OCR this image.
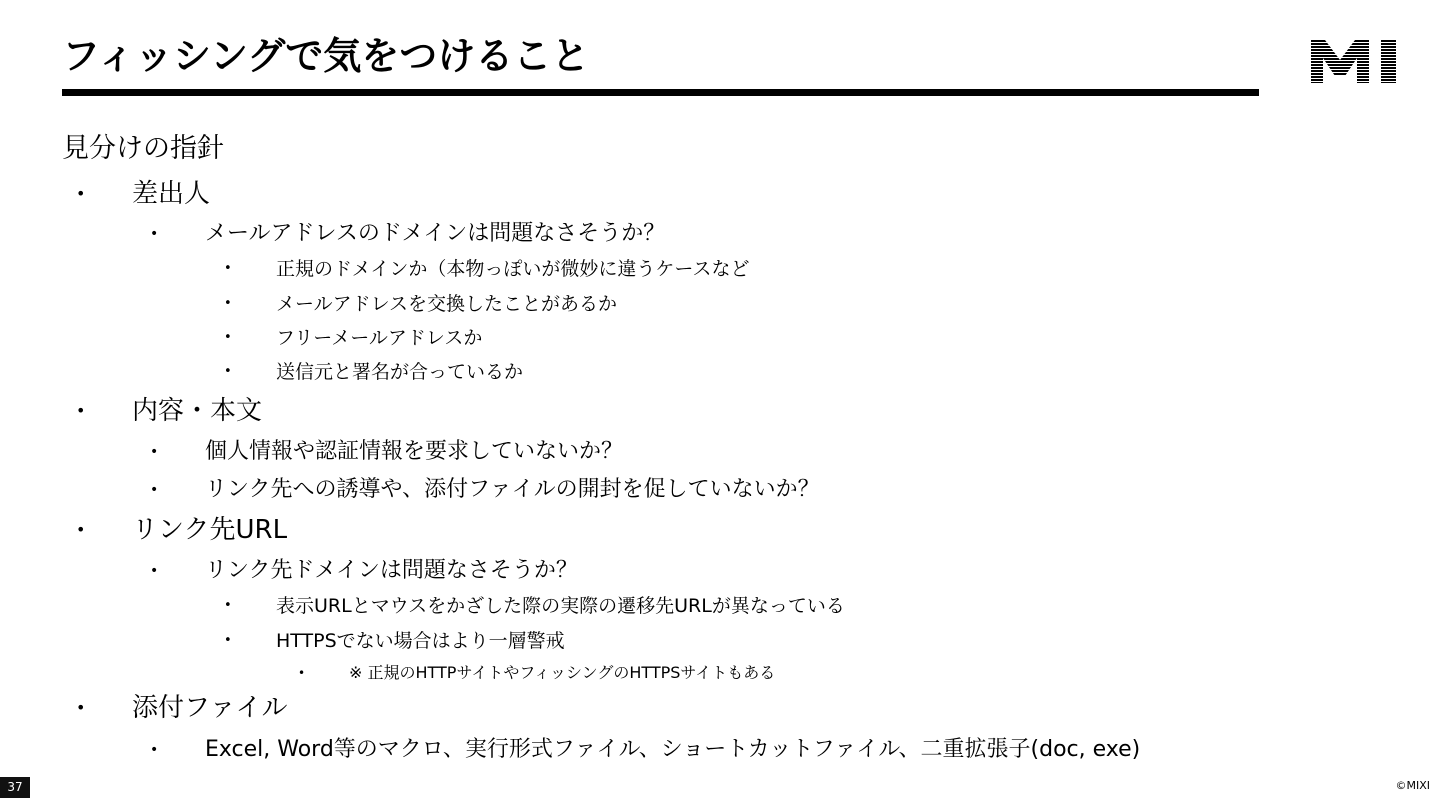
フィッシングで気をつけること
見分けの指針
• 差出人
• メールアドレスのドメインは問題なさそうか？
• 正規のドメインか（本物っぽいが微妙に違うケースなど
• メールアドレスを交換したことがあるか
• フリーメールアドレスか
• 送信元と署名が合っているか
• 内容・本文
• 個人情報や認証情報を要求していないか？
• リンク先への誘導や、添付ファイルの開封を促していないか？
• リンク先URL
• リンク先ドメインは問題なさそうか？
• 表示URLとマウスをかざした際の実際の遷移先URLが異なっている
• HTTPSでない場合はより一層警戒
•	※ 正規のHTTPサイトやフィッシングのHTTPSサイトもある
• 添付ファイル
• Excel, Word等のマクロ、実行形式ファイル、ショートカットファイル、二重拡張子(doc, exe)
37	©MIXI
